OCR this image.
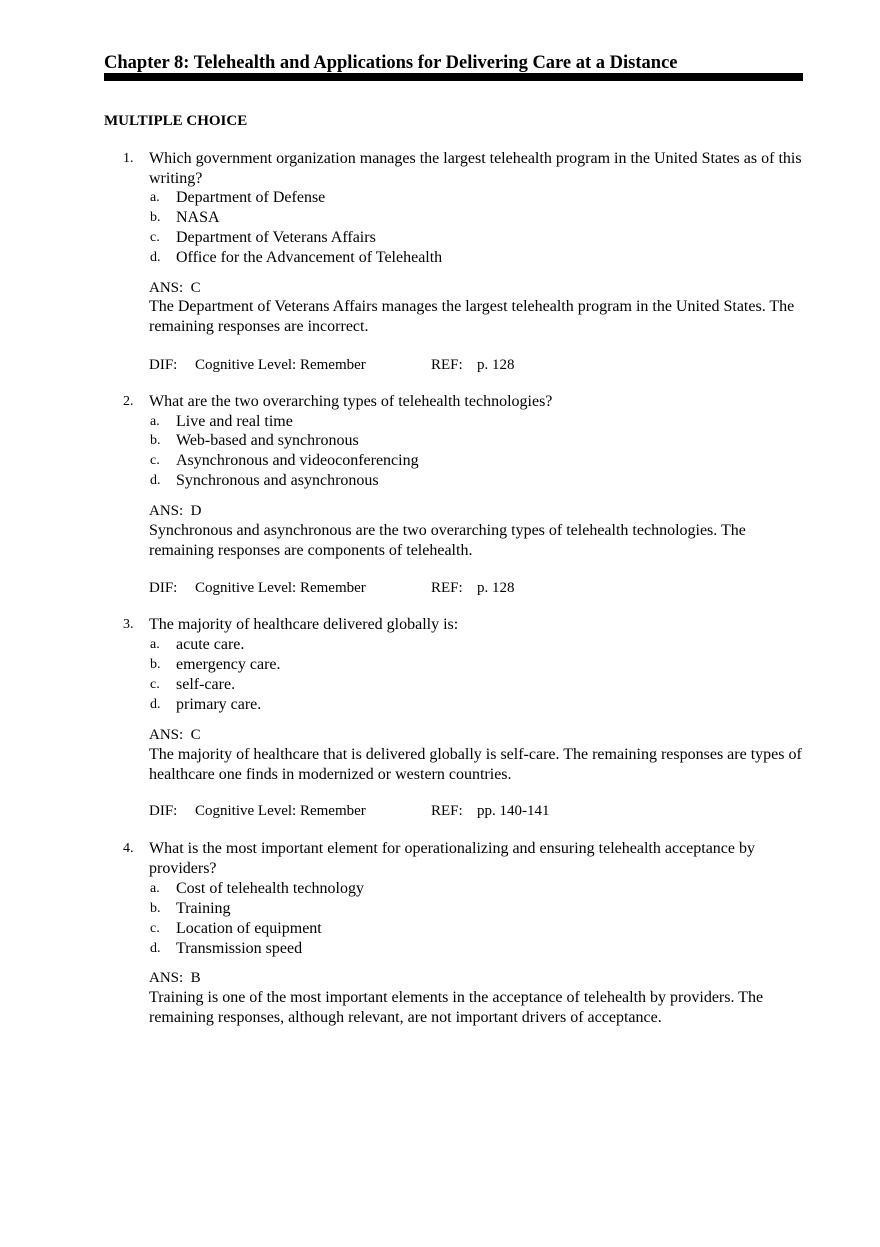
Chapter 8: Telehealth and Applications for Delivering Care at a Distance
MULTIPLE CHOICE
1. Which government organization manages the largest telehealth program in the United States as of this writing?
a. Department of Defense
b. NASA
c. Department of Veterans Affairs
d. Office for the Advancement of Telehealth
ANS:  C
The Department of Veterans Affairs manages the largest telehealth program in the United States. The remaining responses are incorrect.
DIF: Cognitive Level: Remember	REF: p. 128
2. What are the two overarching types of telehealth technologies?
a. Live and real time
b. Web-based and synchronous
c. Asynchronous and videoconferencing
d. Synchronous and asynchronous
ANS:  D
Synchronous and asynchronous are the two overarching types of telehealth technologies. The remaining responses are components of telehealth.
DIF: Cognitive Level: Remember	REF: p. 128
3. The majority of healthcare delivered globally is:
a. acute care.
b. emergency care.
c. self-care.
d. primary care.
ANS:  C
The majority of healthcare that is delivered globally is self-care. The remaining responses are types of healthcare one finds in modernized or western countries.
DIF: Cognitive Level: Remember	REF: pp. 140-141
4. What is the most important element for operationalizing and ensuring telehealth acceptance by providers?
a. Cost of telehealth technology
b. Training
c. Location of equipment
d. Transmission speed
ANS:  B
Training is one of the most important elements in the acceptance of telehealth by providers. The remaining responses, although relevant, are not important drivers of acceptance.
